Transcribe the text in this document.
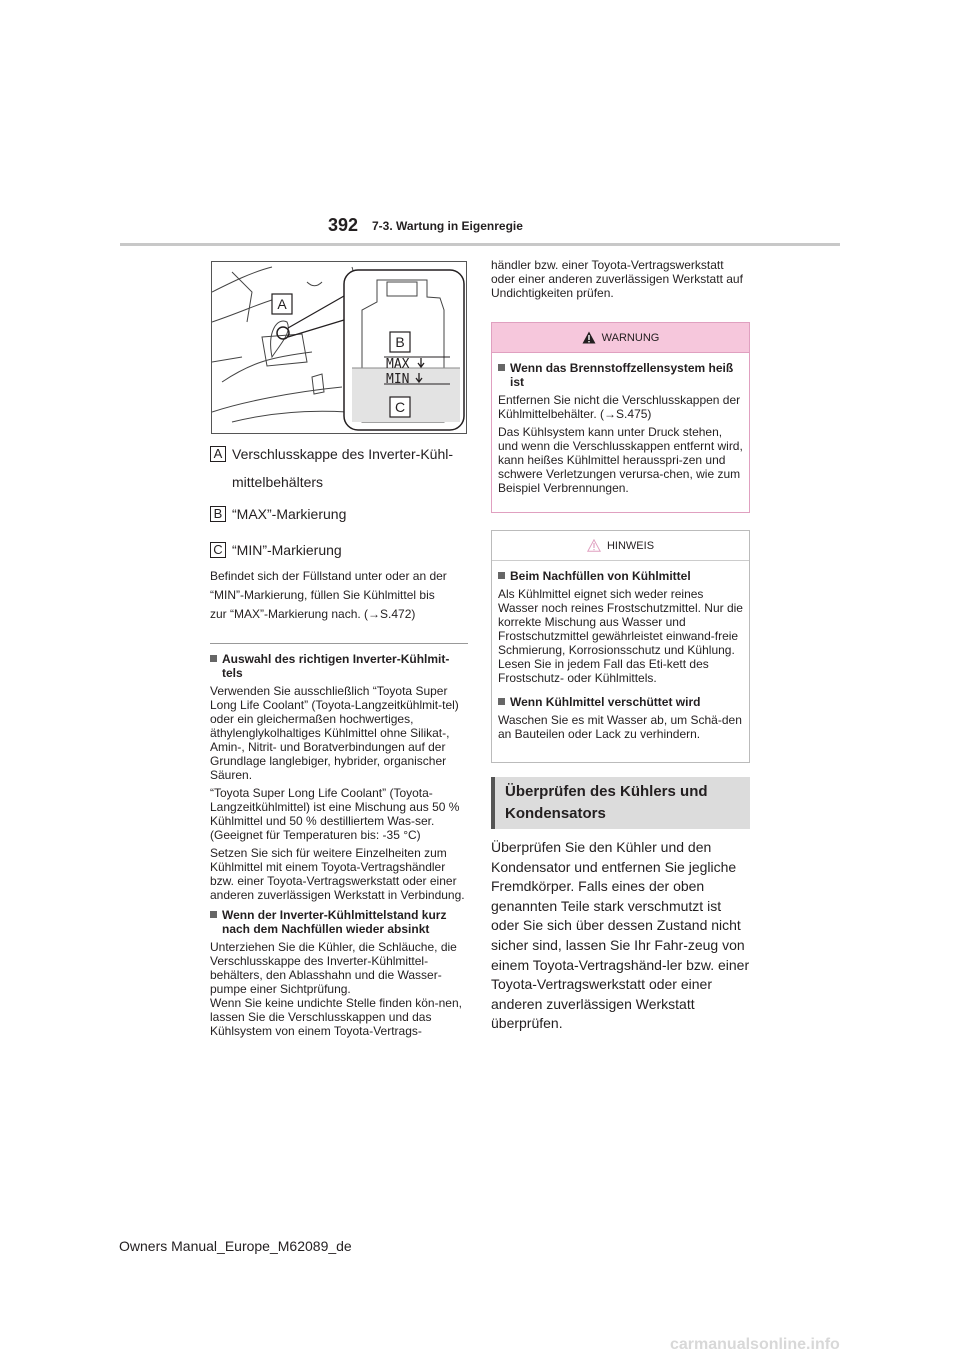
392 7-3. Wartung in Eigenregie
MAX
MIN
A
B
C
A Verschlusskappe des Inverter-Kühl-
mittelbehälters
B “MAX”-Markierung
C “MIN”-Markierung
Befindet sich der Füllstand unter oder an der
“MIN”-Markierung, füllen Sie Kühlmittel bis
zur “MAX”-Markierung nach. (→S.472)
Auswahl des richtigen Inverter-Kühlmit-tels
Verwenden Sie ausschließlich “Toyota Super Long Life Coolant” (Toyota-Langzeitkühlmit-tel) oder ein gleichermaßen hochwertiges, äthylenglykolhaltiges Kühlmittel ohne Silikat-, Amin-, Nitrit- und Boratverbindungen auf der Grundlage langlebiger, hybrider, organischer Säuren.
“Toyota Super Long Life Coolant” (Toyota-Langzeitkühlmittel) ist eine Mischung aus 50 % Kühlmittel und 50 % destilliertem Was-ser. (Geeignet für Temperaturen bis: -35 °C)
Setzen Sie sich für weitere Einzelheiten zum Kühlmittel mit einem Toyota-Vertragshändler bzw. einer Toyota-Vertragswerkstatt oder einer anderen zuverlässigen Werkstatt in Verbindung.
Wenn der Inverter-Kühlmittelstand kurz nach dem Nachfüllen wieder absinkt
Unterziehen Sie die Kühler, die Schläuche, die Verschlusskappe des Inverter-Kühlmittel-behälters, den Ablasshahn und die Wasser-pumpe einer Sichtprüfung.
Wenn Sie keine undichte Stelle finden kön-nen, lassen Sie die Verschlusskappen und das Kühlsystem von einem Toyota-Vertrags-
händler bzw. einer Toyota-Vertragswerkstatt oder einer anderen zuverlässigen Werkstatt auf Undichtigkeiten prüfen.
WARNUNG
Wenn das Brennstoffzellensystem heiß ist
Entfernen Sie nicht die Verschlusskappen der Kühlmittelbehälter. (→S.475)
Das Kühlsystem kann unter Druck stehen, und wenn die Verschlusskappen entfernt wird, kann heißes Kühlmittel herausspri-zen und schwere Verletzungen verursa-chen, wie zum Beispiel Verbrennungen.
HINWEIS
Beim Nachfüllen von Kühlmittel
Als Kühlmittel eignet sich weder reines Wasser noch reines Frostschutzmittel. Nur die korrekte Mischung aus Wasser und Frostschutzmittel gewährleistet einwand-freie Schmierung, Korrosionsschutz und Kühlung. Lesen Sie in jedem Fall das Eti-kett des Frostschutz- oder Kühlmittels.
Wenn Kühlmittel verschüttet wird
Waschen Sie es mit Wasser ab, um Schä-den an Bauteilen oder Lack zu verhindern.
Überprüfen des Kühlers und
Kondensators
Überprüfen Sie den Kühler und den Kondensator und entfernen Sie jegliche Fremdkörper. Falls eines der oben genannten Teile stark verschmutzt ist oder Sie sich über dessen Zustand nicht sicher sind, lassen Sie Ihr Fahr-zeug von einem Toyota-Vertragshänd-ler bzw. einer Toyota-Vertragswerkstatt oder einer anderen zuverlässigen Werkstatt überprüfen.
Owners Manual_Europe_M62089_de
carmanualsonline.info
